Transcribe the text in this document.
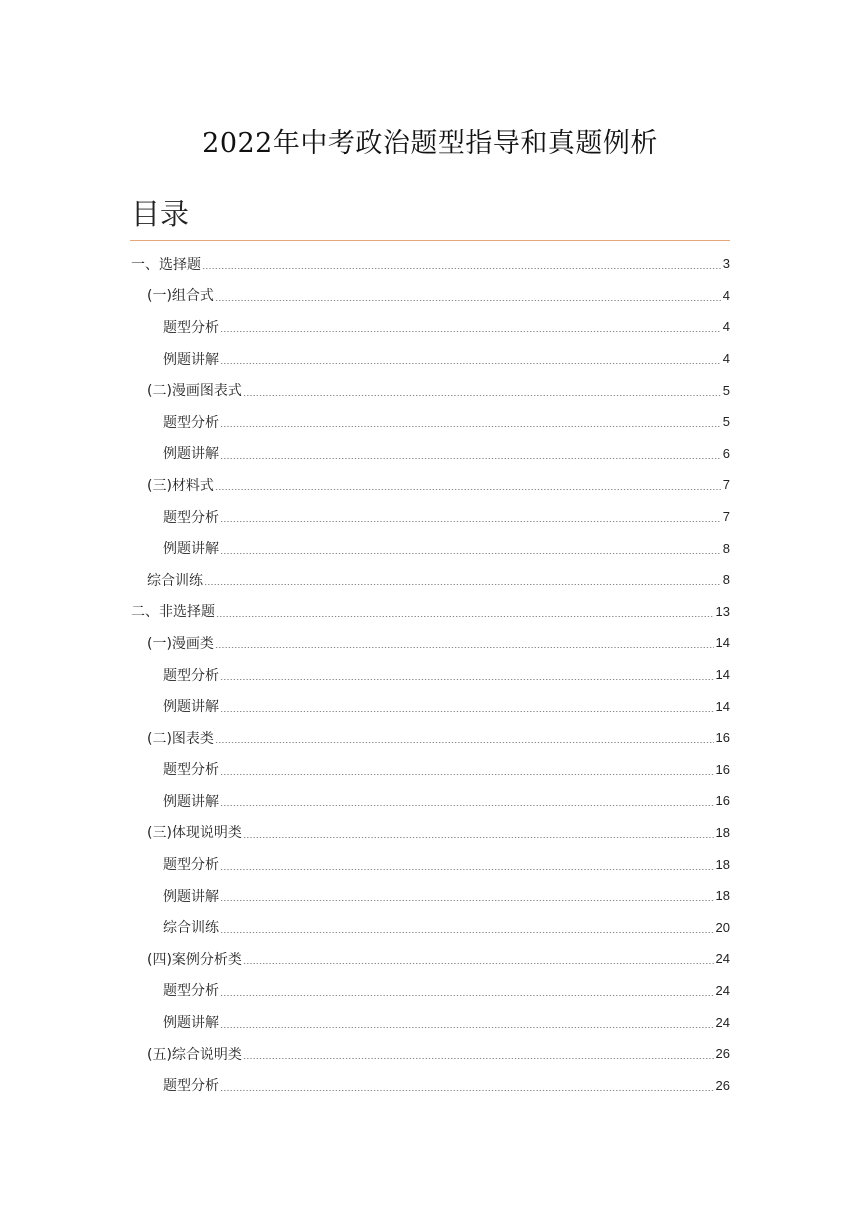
2022年中考政治题型指导和真题例析
目录
一、选择题	3
(一)组合式	4
题型分析	4
例题讲解	4
(二)漫画图表式	5
题型分析	5
例题讲解	6
(三)材料式	7
题型分析	7
例题讲解	8
综合训练	8
二、非选择题	13
(一)漫画类	14
题型分析	14
例题讲解	14
(二)图表类	16
题型分析	16
例题讲解	16
(三)体现说明类	18
题型分析	18
例题讲解	18
综合训练	20
(四)案例分析类	24
题型分析	24
例题讲解	24
(五)综合说明类	26
题型分析	26
